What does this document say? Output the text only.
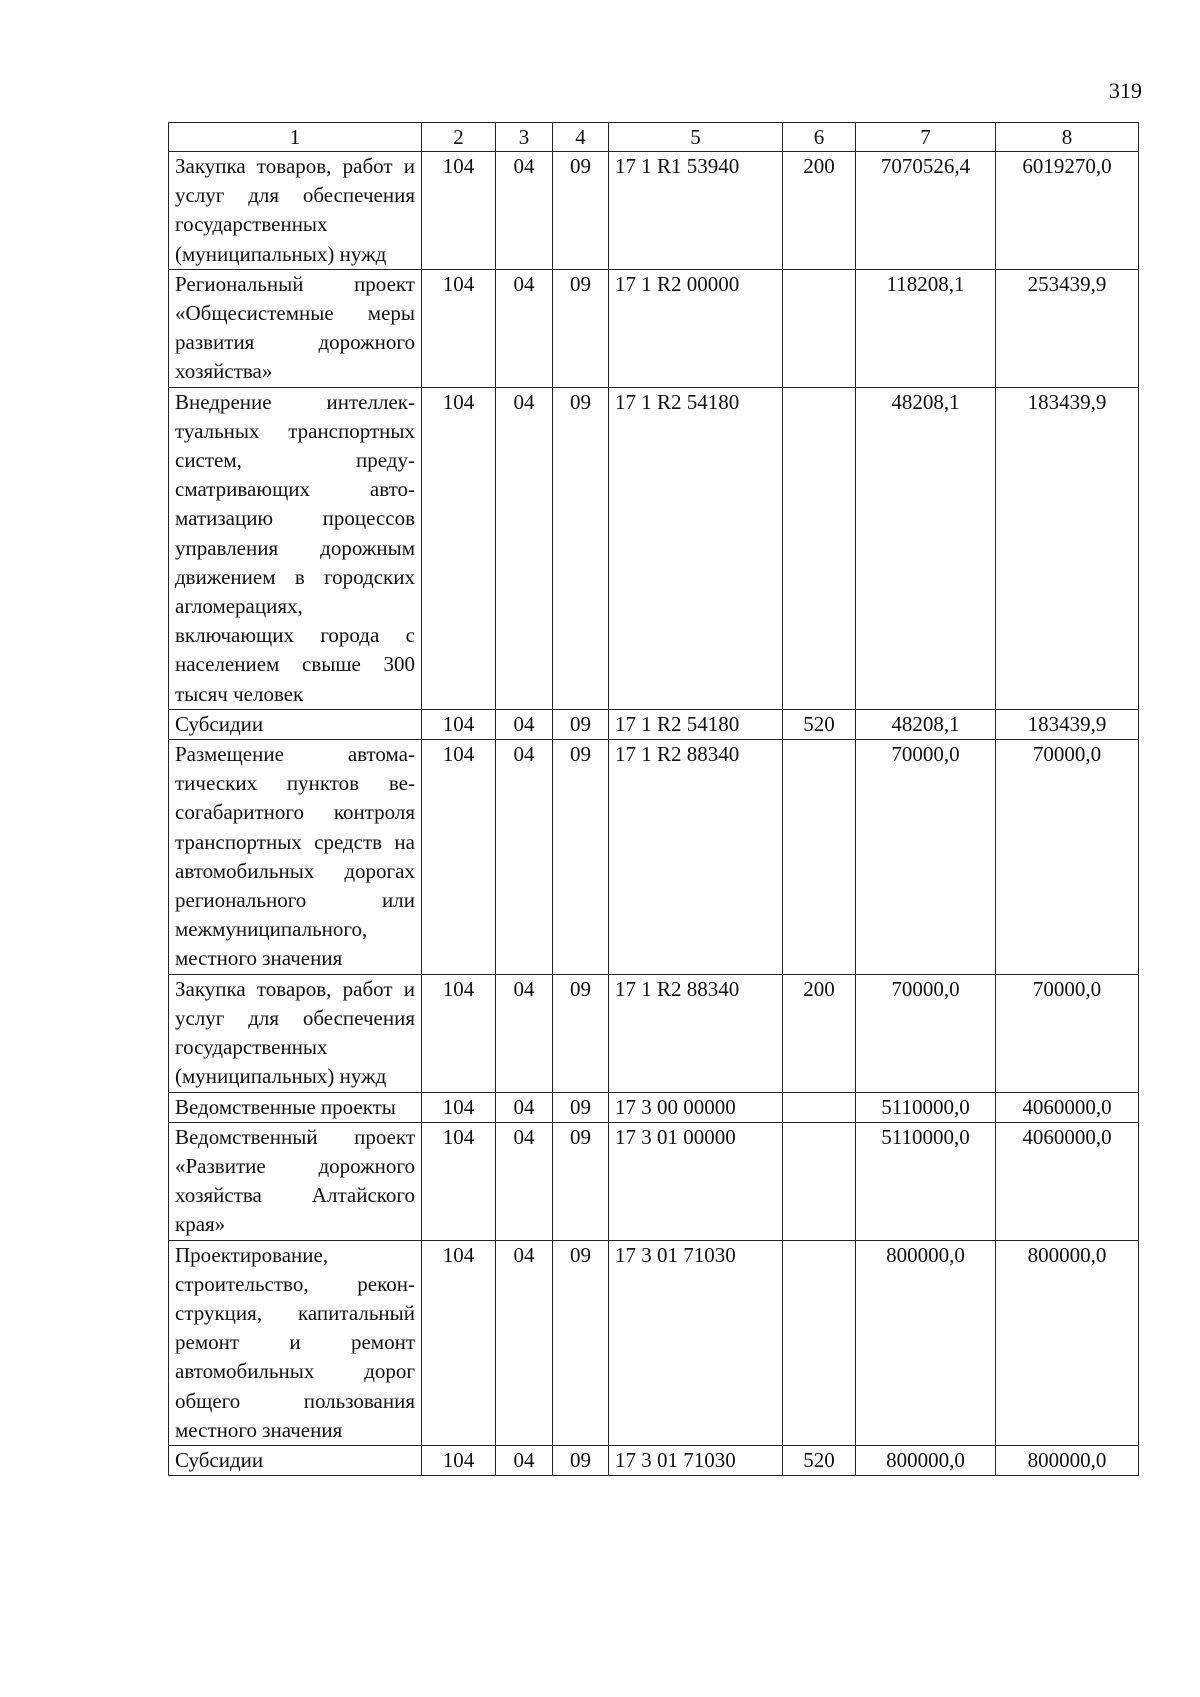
319
1	2	3	4	5	6	7	8
Закупка товаров, работ и услуг для обеспечения государственных (муниципальных) нужд	104	04	09	17 1 R1 53940	200	7070526,4	6019270,0
Региональный проект «Общесистемные меры развития дорожного хозяйства»	104	04	09	17 1 R2 00000		118208,1	253439,9
Внедрение интеллектуальных транспортных систем, предусматривающих автоматизацию процессов управления дорожным движением в городских агломерациях, включающих города с населением свыше 300 тысяч человек	104	04	09	17 1 R2 54180		48208,1	183439,9
Субсидии	104	04	09	17 1 R2 54180	520	48208,1	183439,9
Размещение автоматических пунктов весогабаритного контроля транспортных средств на автомобильных дорогах регионального или межмуниципального, местного значения	104	04	09	17 1 R2 88340		70000,0	70000,0
Закупка товаров, работ и услуг для обеспечения государственных (муниципальных) нужд	104	04	09	17 1 R2 88340	200	70000,0	70000,0
Ведомственные проекты	104	04	09	17 3 00 00000		5110000,0	4060000,0
Ведомственный проект «Развитие дорожного хозяйства Алтайского края»	104	04	09	17 3 01 00000		5110000,0	4060000,0
Проектирование, строительство, реконструкция, капитальный ремонт и ремонт автомобильных дорог общего пользования местного значения	104	04	09	17 3 01 71030		800000,0	800000,0
Субсидии	104	04	09	17 3 01 71030	520	800000,0	800000,0
